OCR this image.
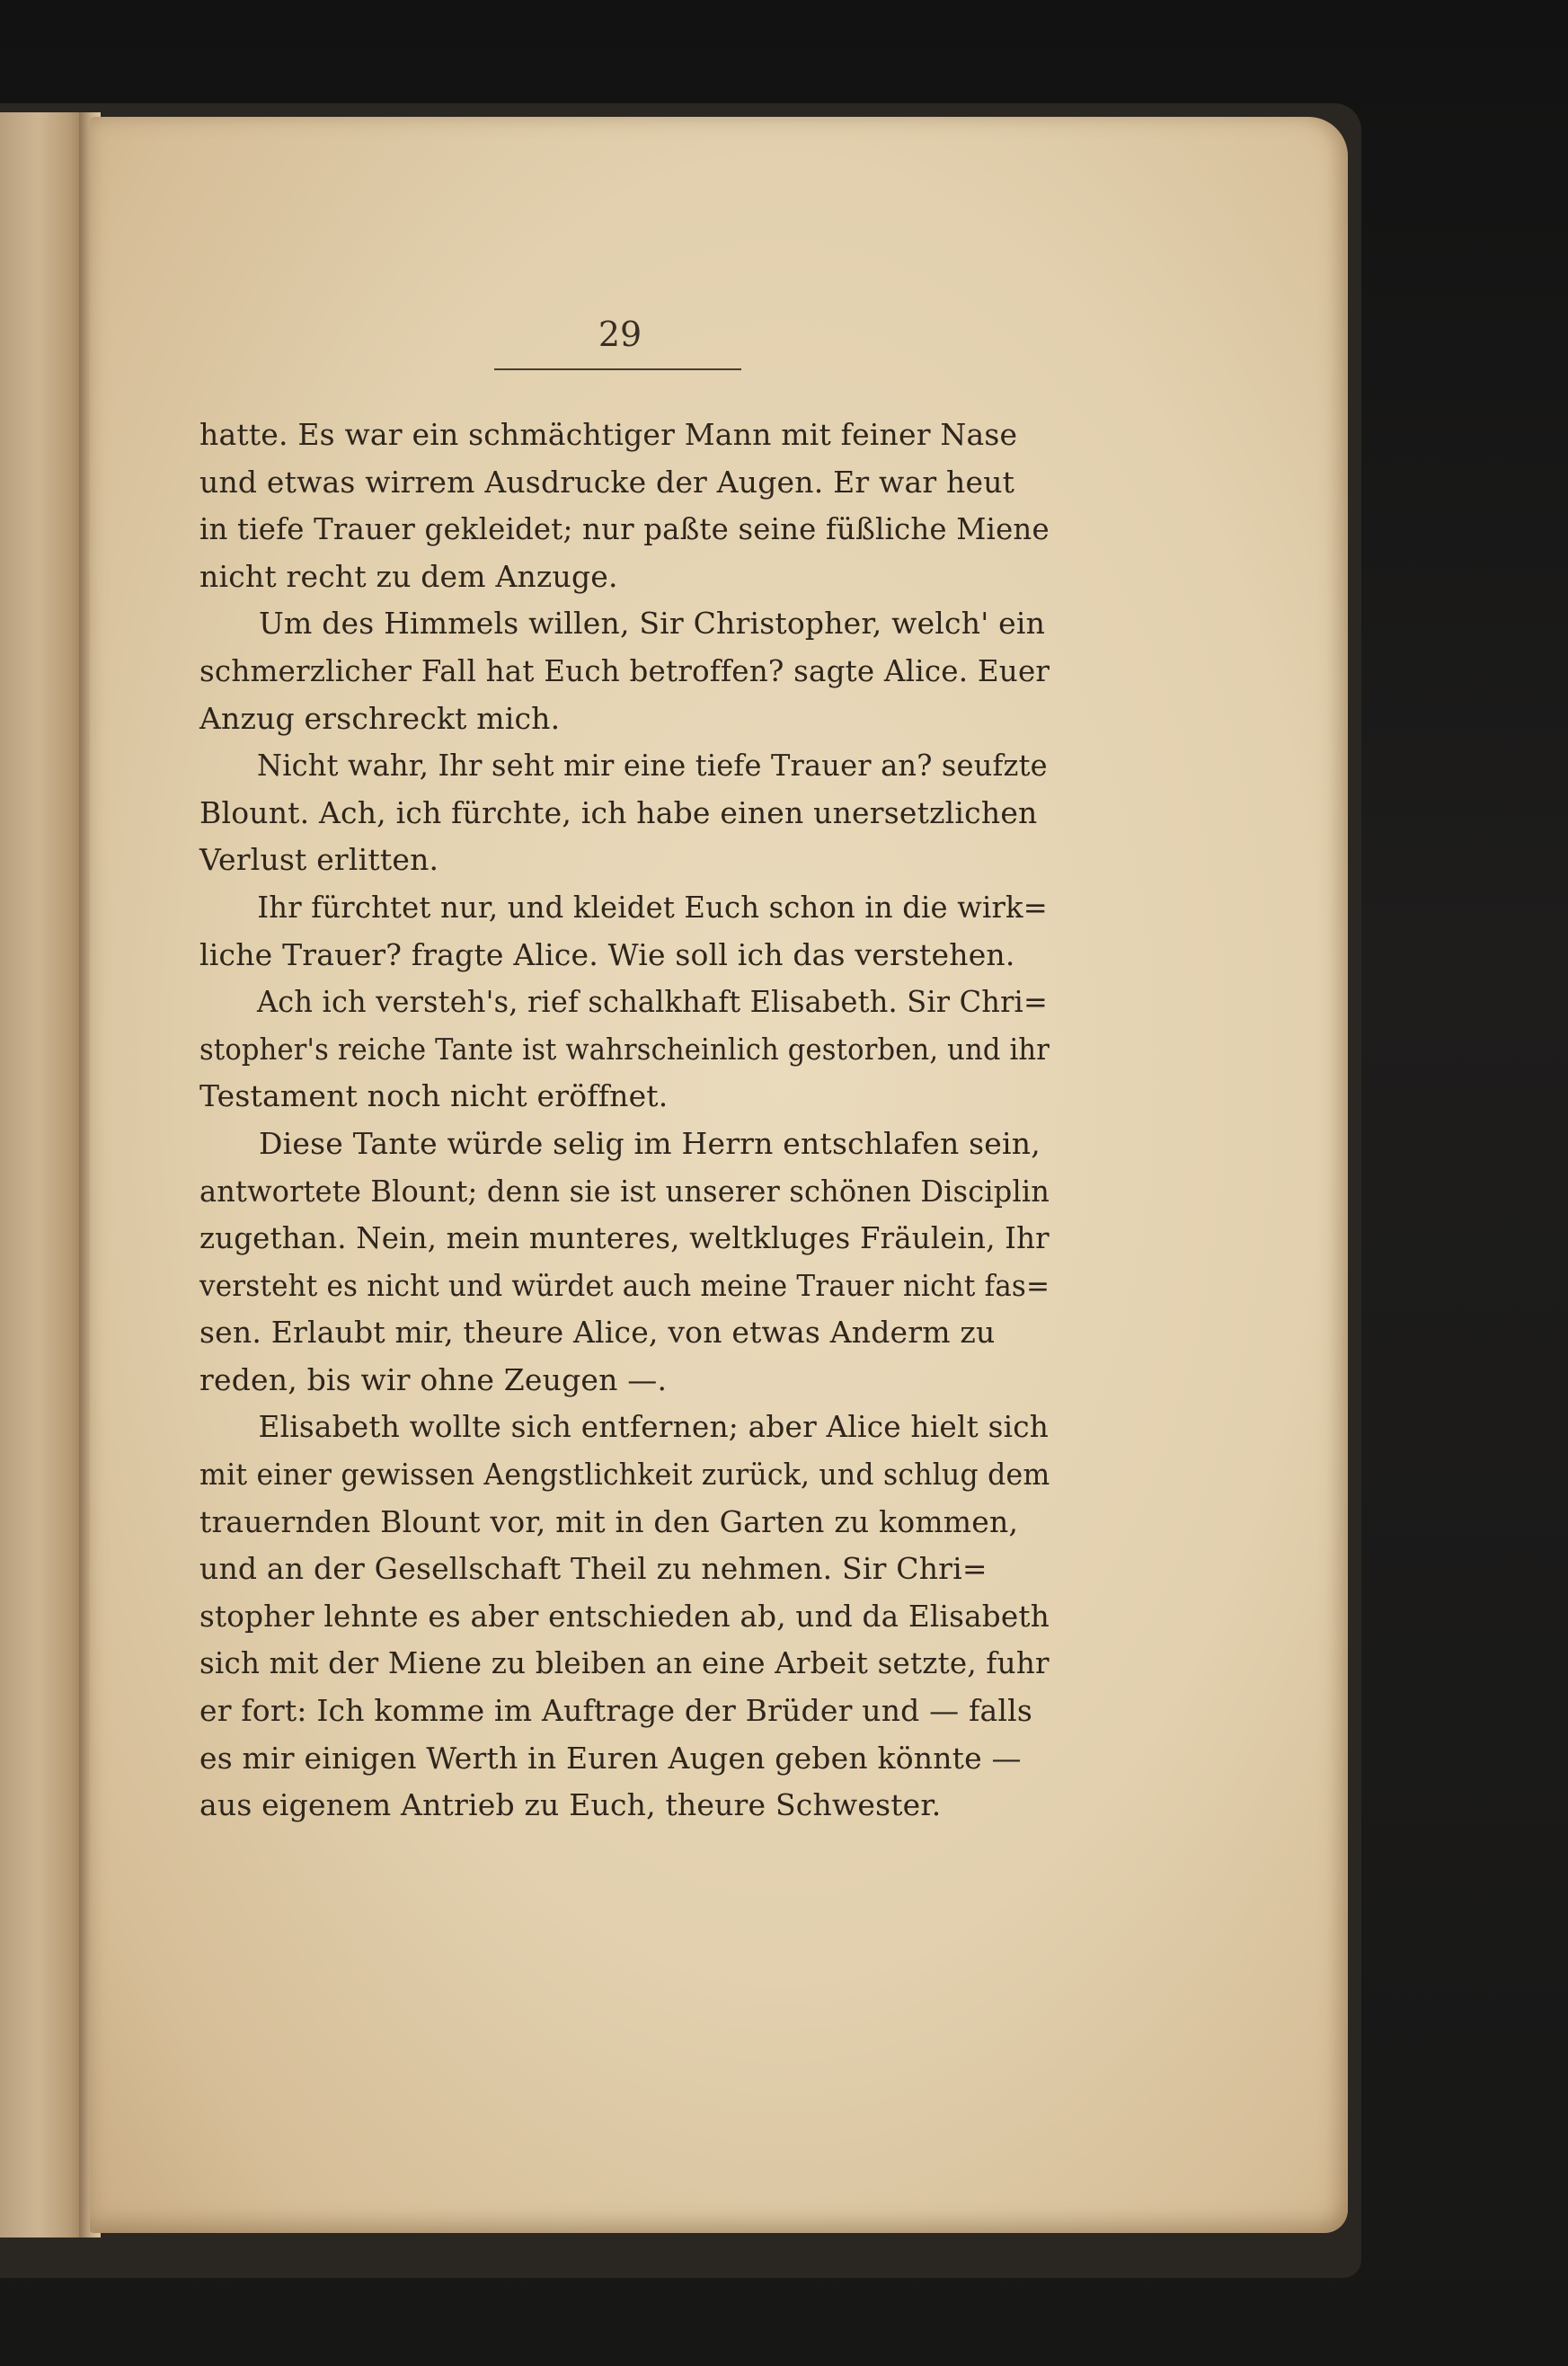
29
hatte. Es war ein schmächtiger Mann mit feiner Nase
und etwas wirrem Ausdrucke der Augen. Er war heut
in tiefe Trauer gekleidet; nur paßte seine füßliche Miene
nicht recht zu dem Anzuge.
Um des Himmels willen, Sir Christopher, welch' ein
schmerzlicher Fall hat Euch betroffen? sagte Alice. Euer
Anzug erschreckt mich.
Nicht wahr, Ihr seht mir eine tiefe Trauer an? seufzte
Blount. Ach, ich fürchte, ich habe einen unersetzlichen
Verlust erlitten.
Ihr fürchtet nur, und kleidet Euch schon in die wirk=
liche Trauer? fragte Alice. Wie soll ich das verstehen.
Ach ich versteh's, rief schalkhaft Elisabeth. Sir Chri=
stopher's reiche Tante ist wahrscheinlich gestorben, und ihr
Testament noch nicht eröffnet.
Diese Tante würde selig im Herrn entschlafen sein,
antwortete Blount; denn sie ist unserer schönen Disciplin
zugethan. Nein, mein munteres, weltkluges Fräulein, Ihr
versteht es nicht und würdet auch meine Trauer nicht fas=
sen. Erlaubt mir, theure Alice, von etwas Anderm zu
reden, bis wir ohne Zeugen —.
Elisabeth wollte sich entfernen; aber Alice hielt sich
mit einer gewissen Aengstlichkeit zurück, und schlug dem
trauernden Blount vor, mit in den Garten zu kommen,
und an der Gesellschaft Theil zu nehmen. Sir Chri=
stopher lehnte es aber entschieden ab, und da Elisabeth
sich mit der Miene zu bleiben an eine Arbeit setzte, fuhr
er fort: Ich komme im Auftrage der Brüder und — falls
es mir einigen Werth in Euren Augen geben könnte —
aus eigenem Antrieb zu Euch, theure Schwester.
